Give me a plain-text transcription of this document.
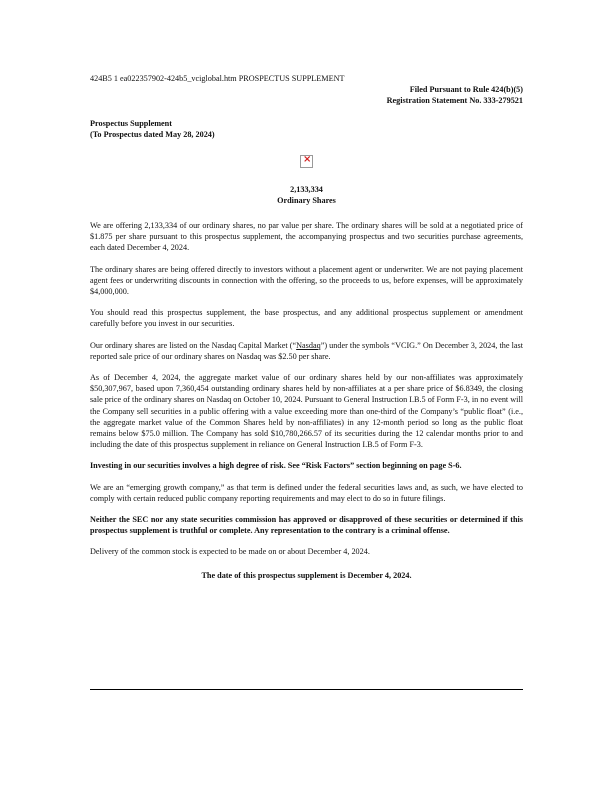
424B5 1 ea022357902-424b5_vciglobal.htm PROSPECTUS SUPPLEMENT
Filed Pursuant to Rule 424(b)(5)
Registration Statement No. 333-279521
Prospectus Supplement
(To Prospectus dated May 28, 2024)
×
2,133,334
Ordinary Shares

We are offering 2,133,334 of our ordinary shares, no par value per share. The ordinary shares will be sold at a negotiated price of $1.875 per share pursuant to this prospectus supplement, the accompanying prospectus and two securities purchase agreements, each dated December 4, 2024.

The ordinary shares are being offered directly to investors without a placement agent or underwriter. We are not paying placement agent fees or underwriting discounts in connection with the offering, so the proceeds to us, before expenses, will be approximately $4,000,000.

You should read this prospectus supplement, the base prospectus, and any additional prospectus supplement or amendment carefully before you invest in our securities.

Our ordinary shares are listed on the Nasdaq Capital Market (“Nasdaq”) under the symbols “VCIG.” On December 3, 2024, the last reported sale price of our ordinary shares on Nasdaq was $2.50 per share.

As of December 4, 2024, the aggregate market value of our ordinary shares held by our non-affiliates was approximately $50,307,967, based upon 7,360,454 outstanding ordinary shares held by non-affiliates at a per share price of $6.8349, the closing sale price of the ordinary shares on Nasdaq on October 10, 2024. Pursuant to General Instruction I.B.5 of Form F-3, in no event will the Company sell securities in a public offering with a value exceeding more than one-third of the Company’s “public float” (i.e., the aggregate market value of the Common Shares held by non-affiliates) in any 12-month period so long as the public float remains below $75.0 million. The Company has sold $10,780,266.57 of its securities during the 12 calendar months prior to and including the date of this prospectus supplement in reliance on General Instruction I.B.5 of Form F-3.

Investing in our securities involves a high degree of risk. See “Risk Factors” section beginning on page S-6.

We are an “emerging growth company,” as that term is defined under the federal securities laws and, as such, we have elected to comply with certain reduced public company reporting requirements and may elect to do so in future filings.

Neither the SEC nor any state securities commission has approved or disapproved of these securities or determined if this prospectus supplement is truthful or complete. Any representation to the contrary is a criminal offense.

Delivery of the common stock is expected to be made on or about December 4, 2024.

The date of this prospectus supplement is December 4, 2024.
